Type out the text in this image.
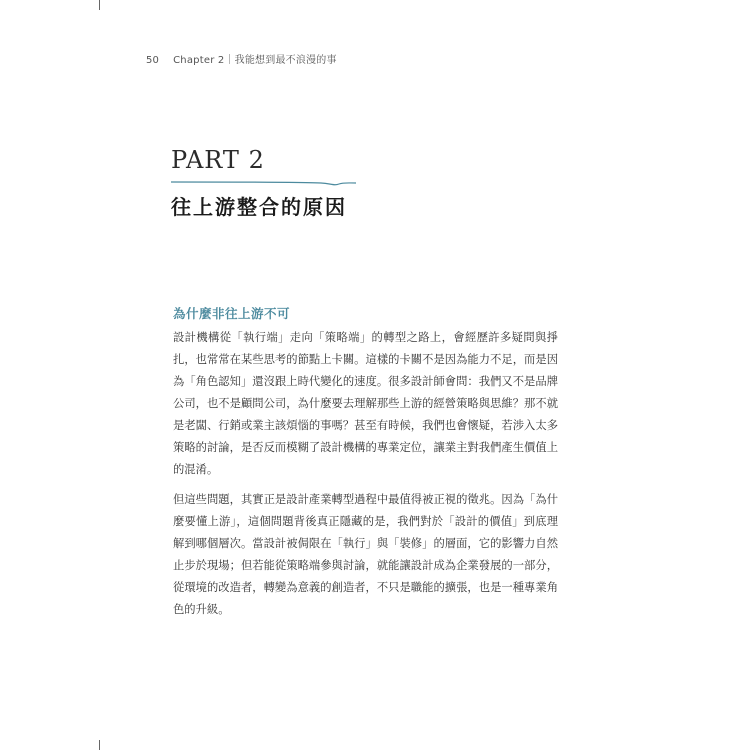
50 Chapter 2｜我能想到最不浪漫的事
PART 2
往上游整合的原因
為什麼非往上游不可
設計機構從「執行端」走向「策略端」的轉型之路上，會經歷許多疑問與掙扎，也常常在某些思考的節點上卡關。這樣的卡關不是因為能力不足，而是因為「角色認知」還沒跟上時代變化的速度。很多設計師會問：我們又不是品牌公司，也不是顧問公司，為什麼要去理解那些上游的經營策略與思維？那不就是老闆、行銷或業主該煩惱的事嗎？甚至有時候，我們也會懷疑，若涉入太多策略的討論，是否反而模糊了設計機構的專業定位，讓業主對我們產生價值上的混淆。
但這些問題，其實正是設計產業轉型過程中最值得被正視的徵兆。因為「為什麼要懂上游」，這個問題背後真正隱藏的是，我們對於「設計的價值」到底理解到哪個層次。當設計被侷限在「執行」與「裝修」的層面，它的影響力自然止步於現場；但若能從策略端參與討論，就能讓設計成為企業發展的一部分，從環境的改造者，轉變為意義的創造者，不只是職能的擴張，也是一種專業角色的升級。
